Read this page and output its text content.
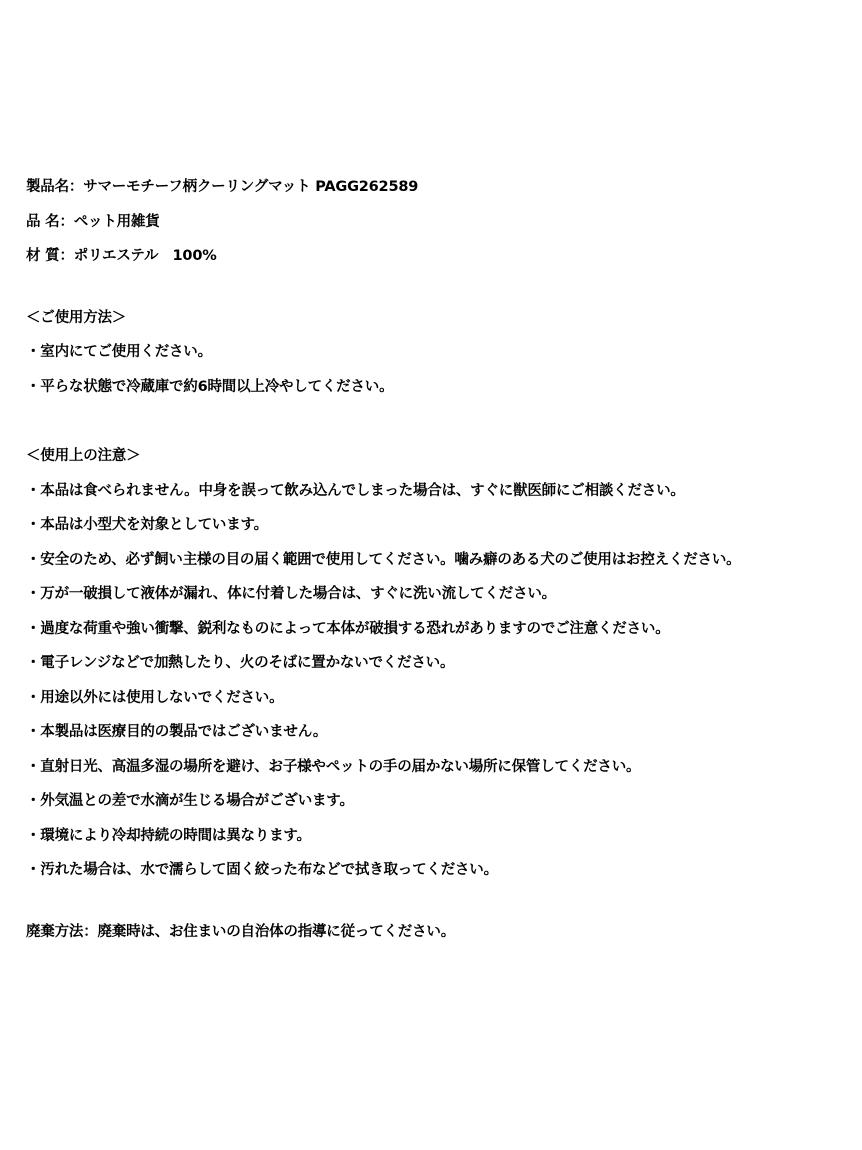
製品名：サマーモチーフ柄クーリングマット PAGG262589
品 名：ペット用雑貨
材 質：ポリエステル　100%
＜ご使用方法＞
・室内にてご使用ください。
・平らな状態で冷蔵庫で約6時間以上冷やしてください。
＜使用上の注意＞
・本品は食べられません。中身を誤って飲み込んでしまった場合は、すぐに獣医師にご相談ください。
・本品は小型犬を対象としています。
・安全のため、必ず飼い主様の目の届く範囲で使用してください。噛み癖のある犬のご使用はお控えください。
・万が一破損して液体が漏れ、体に付着した場合は、すぐに洗い流してください。
・過度な荷重や強い衝撃、鋭利なものによって本体が破損する恐れがありますのでご注意ください。
・電子レンジなどで加熱したり、火のそばに置かないでください。
・用途以外には使用しないでください。
・本製品は医療目的の製品ではございません。
・直射日光、高温多湿の場所を避け、お子様やペットの手の届かない場所に保管してください。
・外気温との差で水滴が生じる場合がございます。
・環境により冷却持続の時間は異なります。
・汚れた場合は、水で濡らして固く絞った布などで拭き取ってください。
廃棄方法：廃棄時は、お住まいの自治体の指導に従ってください。
